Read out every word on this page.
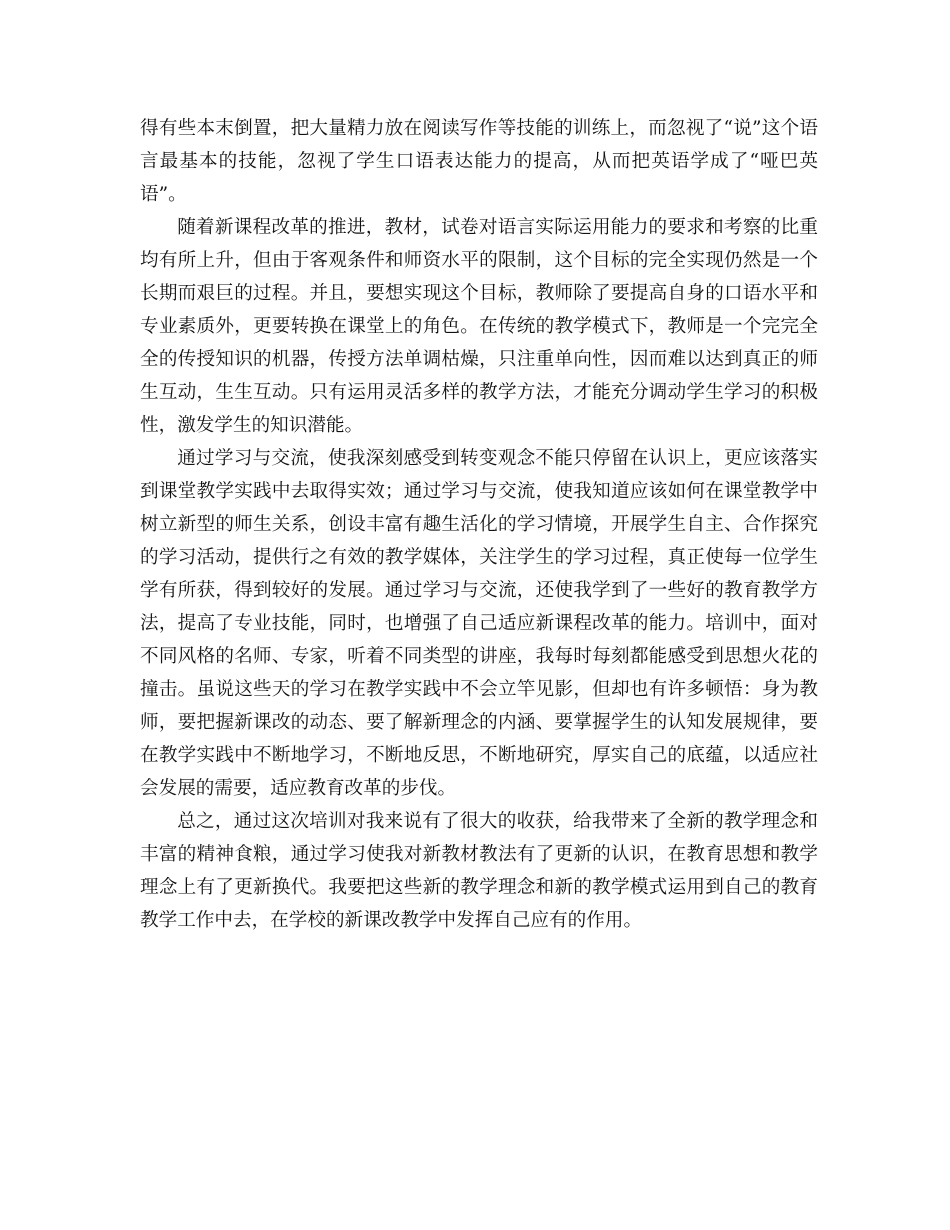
得有些本末倒置，把大量精力放在阅读写作等技能的训练上，而忽视了“说”这个语言最基本的技能，忽视了学生口语表达能力的提高，从而把英语学成了“哑巴英语”。

随着新课程改革的推进，教材，试卷对语言实际运用能力的要求和考察的比重均有所上升，但由于客观条件和师资水平的限制，这个目标的完全实现仍然是一个长期而艰巨的过程。并且，要想实现这个目标，教师除了要提高自身的口语水平和专业素质外，更要转换在课堂上的角色。在传统的教学模式下，教师是一个完完全全的传授知识的机器，传授方法单调枯燥，只注重单向性，因而难以达到真正的师生互动，生生互动。只有运用灵活多样的教学方法，才能充分调动学生学习的积极性，激发学生的知识潜能。

通过学习与交流，使我深刻感受到转变观念不能只停留在认识上，更应该落实到课堂教学实践中去取得实效；通过学习与交流，使我知道应该如何在课堂教学中树立新型的师生关系，创设丰富有趣生活化的学习情境，开展学生自主、合作探究的学习活动，提供行之有效的教学媒体，关注学生的学习过程，真正使每一位学生学有所获，得到较好的发展。通过学习与交流，还使我学到了一些好的教育教学方法，提高了专业技能，同时，也增强了自己适应新课程改革的能力。培训中，面对不同风格的名师、专家，听着不同类型的讲座，我每时每刻都能感受到思想火花的撞击。虽说这些天的学习在教学实践中不会立竿见影，但却也有许多顿悟：身为教师，要把握新课改的动态、要了解新理念的内涵、要掌握学生的认知发展规律，要在教学实践中不断地学习，不断地反思，不断地研究，厚实自己的底蕴，以适应社会发展的需要，适应教育改革的步伐。

总之，通过这次培训对我来说有了很大的收获，给我带来了全新的教学理念和丰富的精神食粮，通过学习使我对新教材教法有了更新的认识，在教育思想和教学理念上有了更新换代。我要把这些新的教学理念和新的教学模式运用到自己的教育教学工作中去，在学校的新课改教学中发挥自己应有的作用。
